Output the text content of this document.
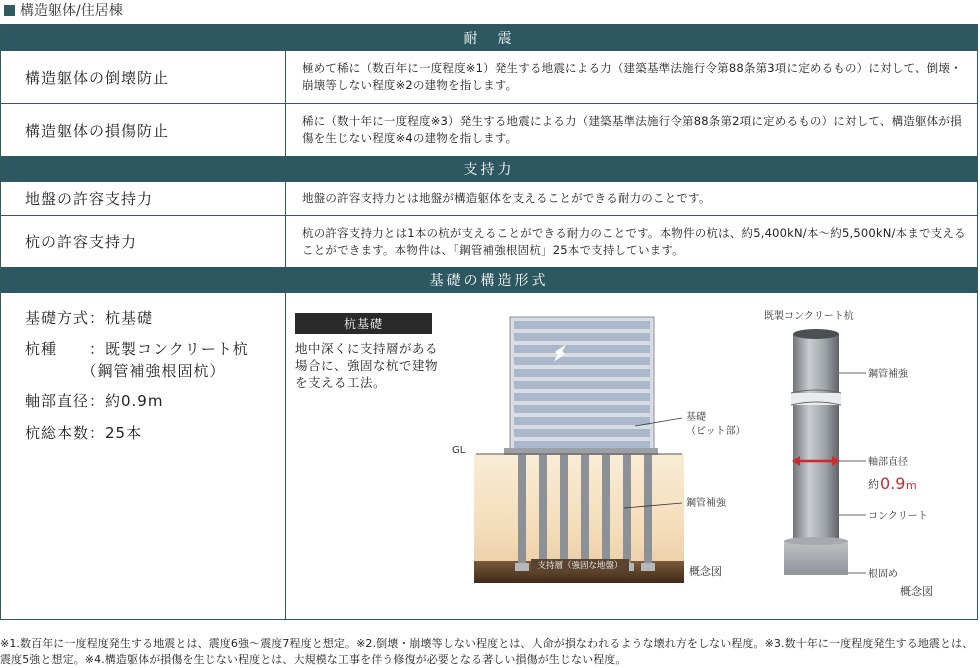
構造躯体/住居棟
耐　震
構造躯体の倒壊防止
極めて稀に（数百年に一度程度※1）発生する地震による力（建築基準法施行令第88条第3項に定めるもの）に対して、倒壊・崩壊等しない程度※2の建物を指します。
構造躯体の損傷防止
稀に（数十年に一度程度※3）発生する地震による力（建築基準法施行令第88条第2項に定めるもの）に対して、構造躯体が損傷を生じない程度※4の建物を指します。
支持力
地盤の許容支持力	地盤の許容支持力とは地盤が構造躯体を支えることができる耐力のことです。
杭の許容支持力
杭の許容支持力とは1本の杭が支えることができる耐力のことです。本物件の杭は、約5,400kN/本〜約5,500kN/本まで支えることができます。本物件は、「鋼管補強根固杭」25本で支持しています。
基礎の構造形式
基礎方式：杭基礎
杭種　　：既製コンクリート杭
　　　　（鋼管補強根固杭）
軸部直径：約0.9m
杭総本数：25本
杭基礎
地中深くに支持層がある場合に、強固な杭で建物を支える工法。
支持層（強固な地盤）
GL
基礎
（ピット部）
鋼管補強
概念図
既製コンクリート杭
鋼管補強
軸部直径
約 0.9 m
コンクリート
根固め
概念図
※1.数百年に一度程度発生する地震とは、震度6強〜震度7程度と想定。※2.倒壊・崩壊等しない程度とは、人命が損なわれるような壊れ方をしない程度。※3.数十年に一度程度発生する地震とは、震度5強と想定。※4.構造躯体が損傷を生じない程度とは、大規模な工事を伴う修復が必要となる著しい損傷が生じない程度。
